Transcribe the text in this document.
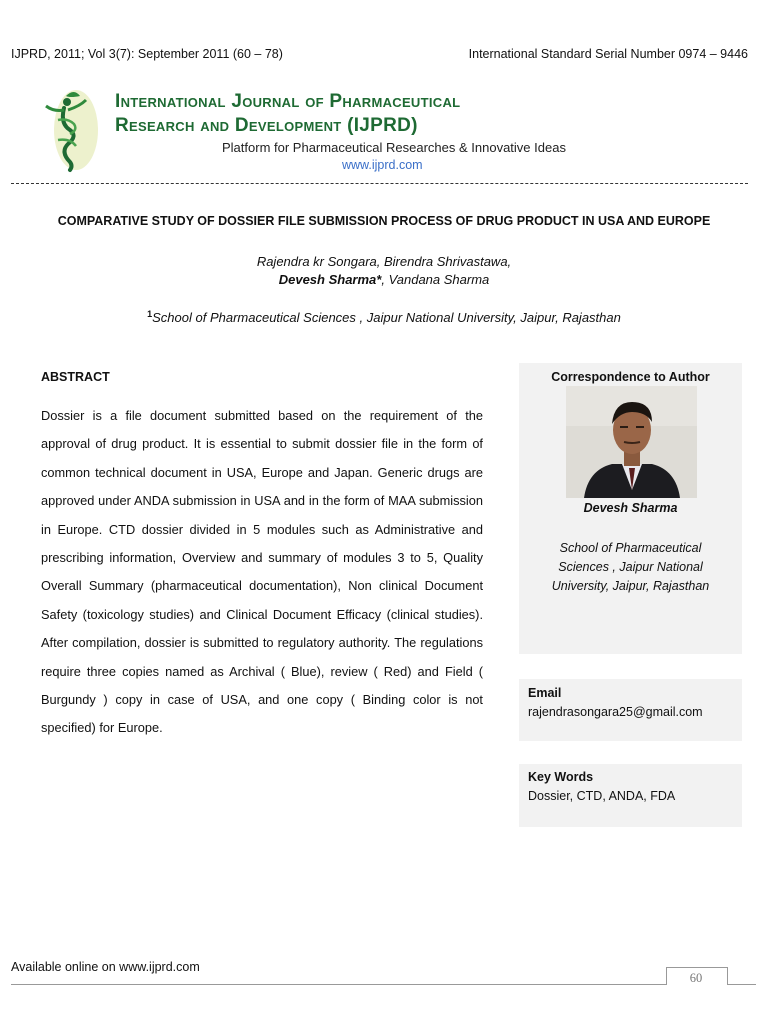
IJPRD, 2011; Vol 3(7): September 2011 (60 – 78)	International Standard Serial Number 0974 – 9446
International Journal of Pharmaceutical
Research and Development (IJPRD)
Platform for Pharmaceutical Researches & Innovative Ideas
www.ijprd.com
COMPARATIVE STUDY OF DOSSIER FILE SUBMISSION PROCESS OF DRUG PRODUCT IN USA AND EUROPE
Rajendra kr Songara, Birendra Shrivastawa,
Devesh Sharma*, Vandana Sharma
$^1$School of Pharmaceutical Sciences , Jaipur National University, Jaipur, Rajasthan
ABSTRACT

Dossier is a file document submitted based on the requirement of the approval of drug product. It is essential to submit dossier file in the form of common technical document in USA, Europe and Japan. Generic drugs are approved under ANDA submission in USA and in the form of MAA submission in Europe. CTD dossier divided in 5 modules such as Administrative and prescribing information, Overview and summary of modules 3 to 5, Quality Overall Summary (pharmaceutical documentation), Non clinical Document Safety (toxicology studies) and Clinical Document Efficacy (clinical studies). After compilation, dossier is submitted to regulatory authority. The regulations require three copies named as Archival ( Blue), review ( Red) and Field ( Burgundy ) copy in case of USA, and one copy ( Binding color is not specified) for Europe.

Correspondence to Author
Devesh Sharma
School of Pharmaceutical Sciences , Jaipur National University, Jaipur, Rajasthan
Email
rajendrasongara25@gmail.com
Key Words
Dossier, CTD, ANDA, FDA
Available online on www.ijprd.com
60
